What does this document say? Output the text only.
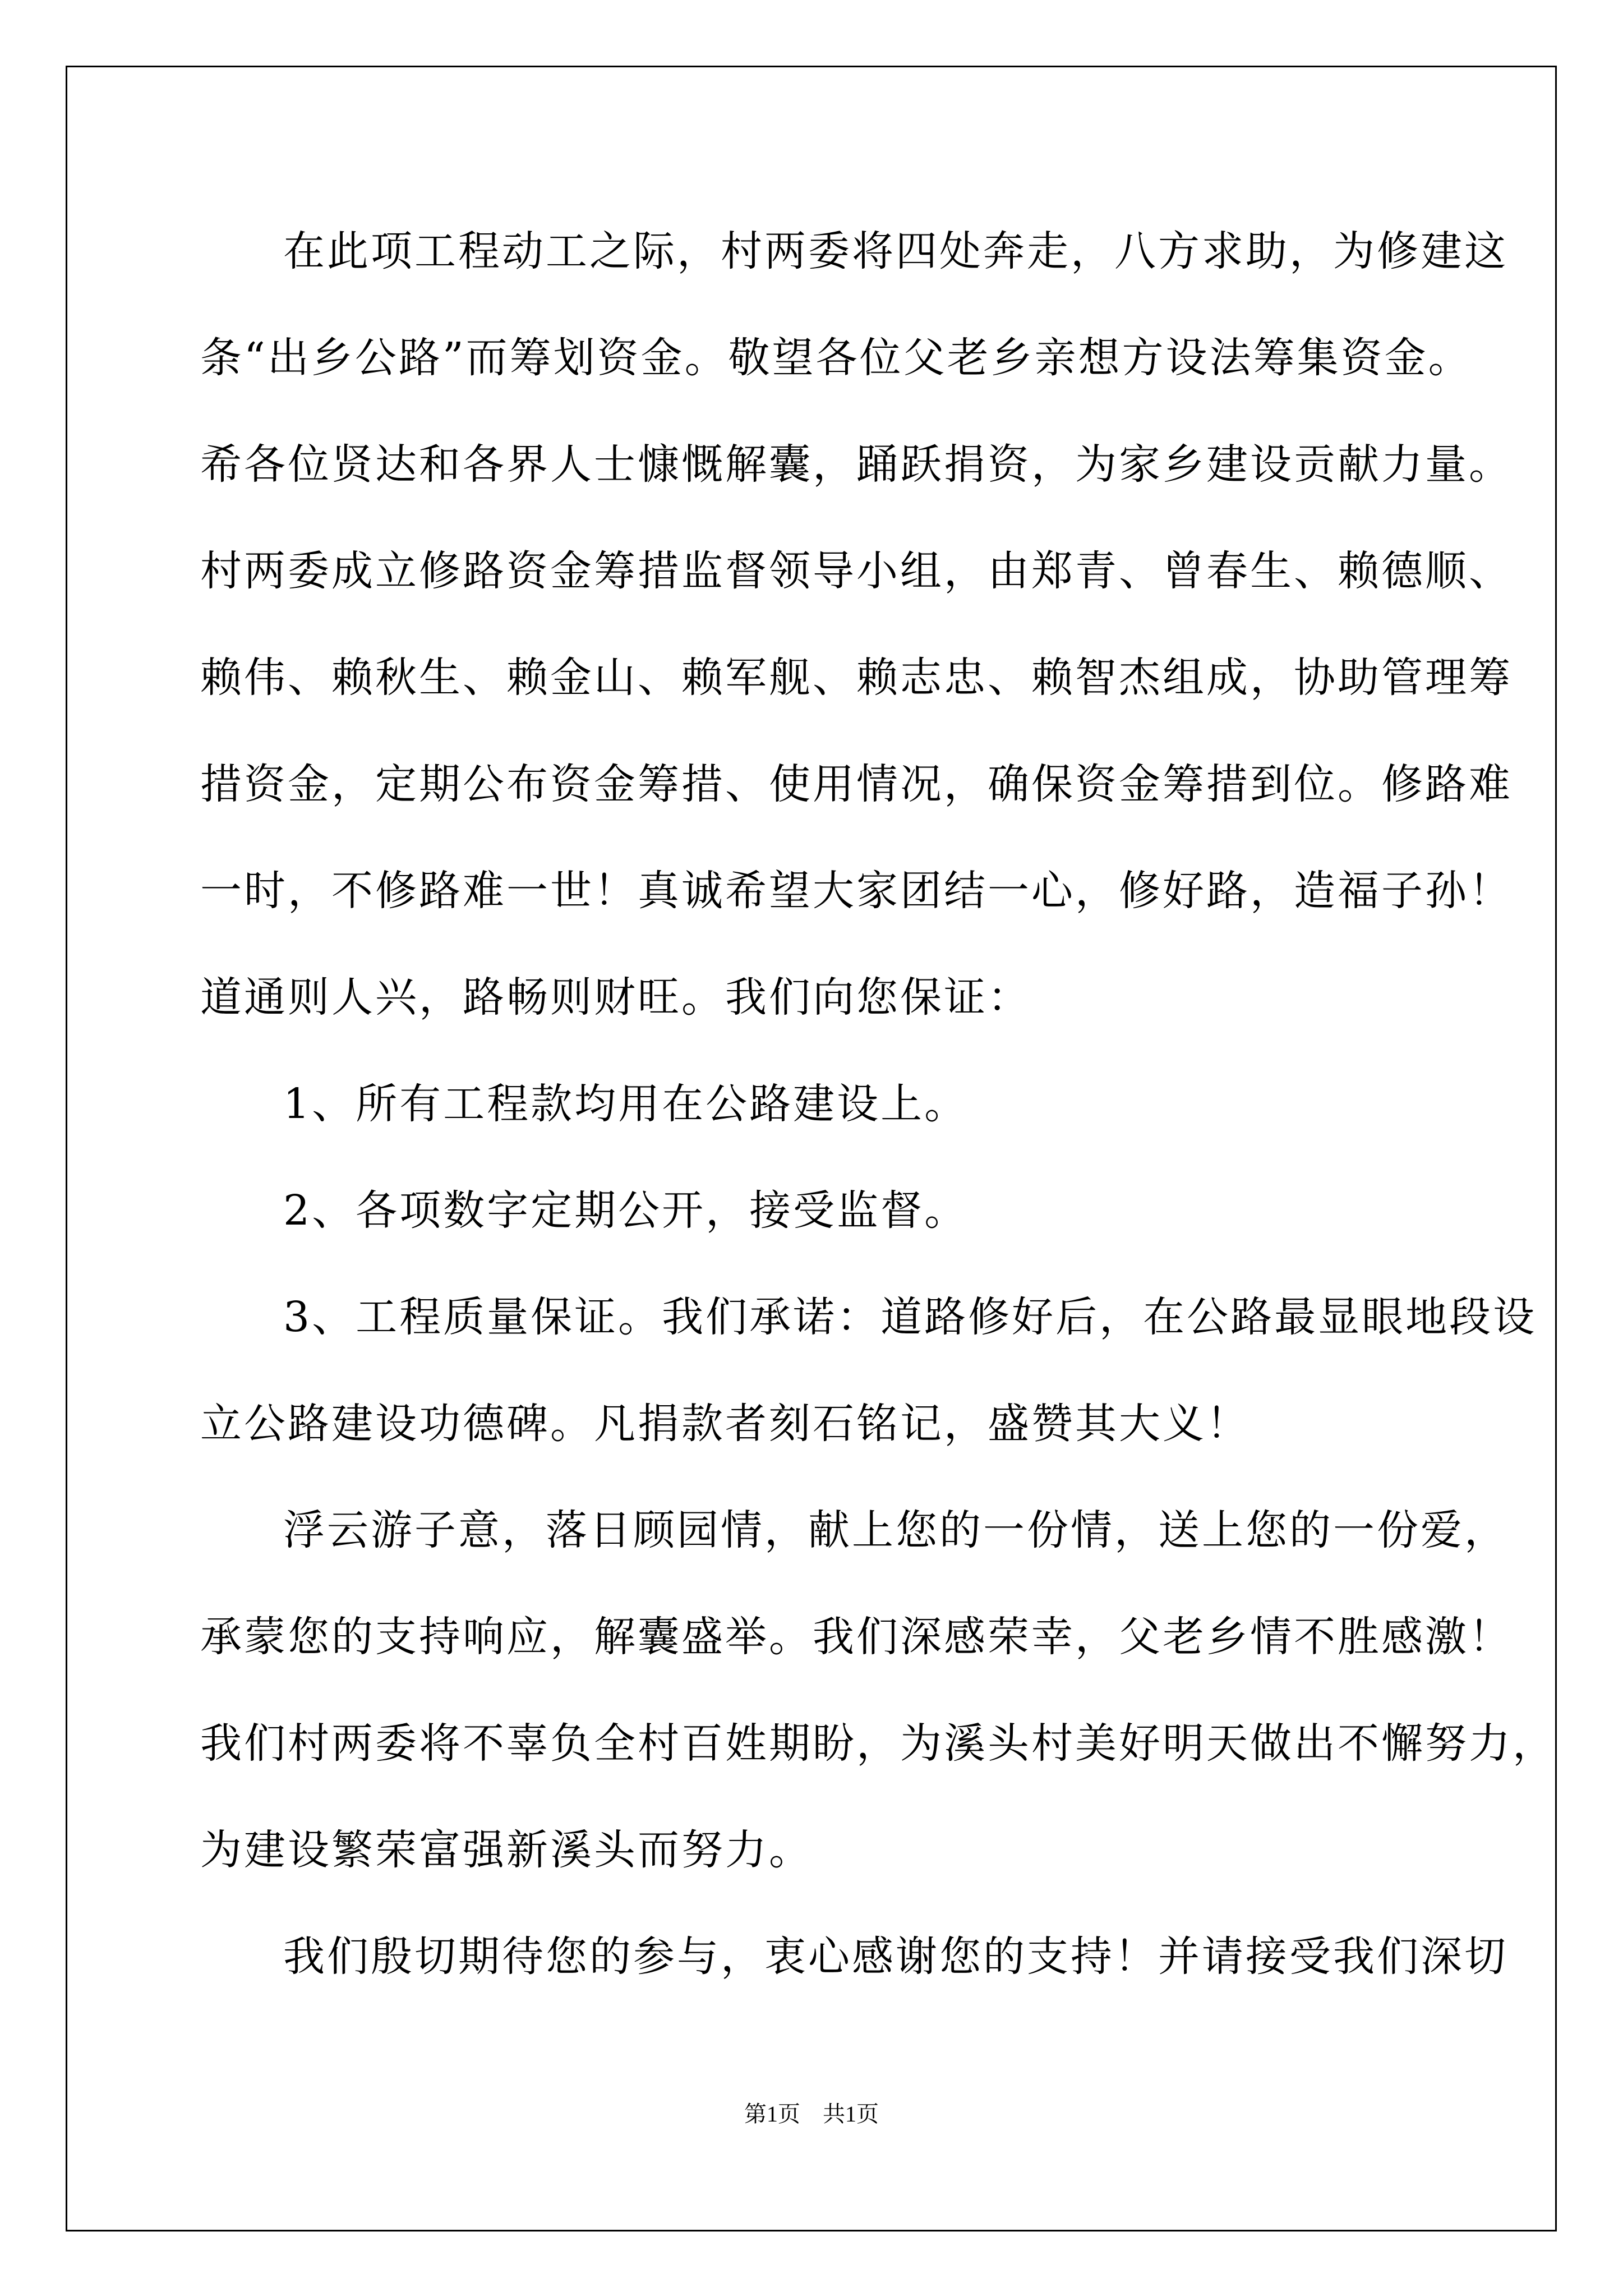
在此项工程动工之际，村两委将四处奔走，八方求助，为修建这
条“出乡公路”而筹划资金。敬望各位父老乡亲想方设法筹集资金。
希各位贤达和各界人士慷慨解囊，踊跃捐资，为家乡建设贡献力量。
村两委成立修路资金筹措监督领导小组，由郑青、曾春生、赖德顺、
赖伟、赖秋生、赖金山、赖军舰、赖志忠、赖智杰组成，协助管理筹
措资金，定期公布资金筹措、使用情况，确保资金筹措到位。修路难
一时，不修路难一世！真诚希望大家团结一心，修好路，造福子孙！
道通则人兴，路畅则财旺。我们向您保证：
1、所有工程款均用在公路建设上。
2、各项数字定期公开，接受监督。
3、工程质量保证。我们承诺：道路修好后，在公路最显眼地段设
立公路建设功德碑。凡捐款者刻石铭记，盛赞其大义！
浮云游子意，落日顾园情，献上您的一份情，送上您的一份爱，
承蒙您的支持响应，解囊盛举。我们深感荣幸，父老乡情不胜感激！
我们村两委将不辜负全村百姓期盼，为溪头村美好明天做出不懈努力，
为建设繁荣富强新溪头而努力。
我们殷切期待您的参与，衷心感谢您的支持！并请接受我们深切
第1页　共1页
